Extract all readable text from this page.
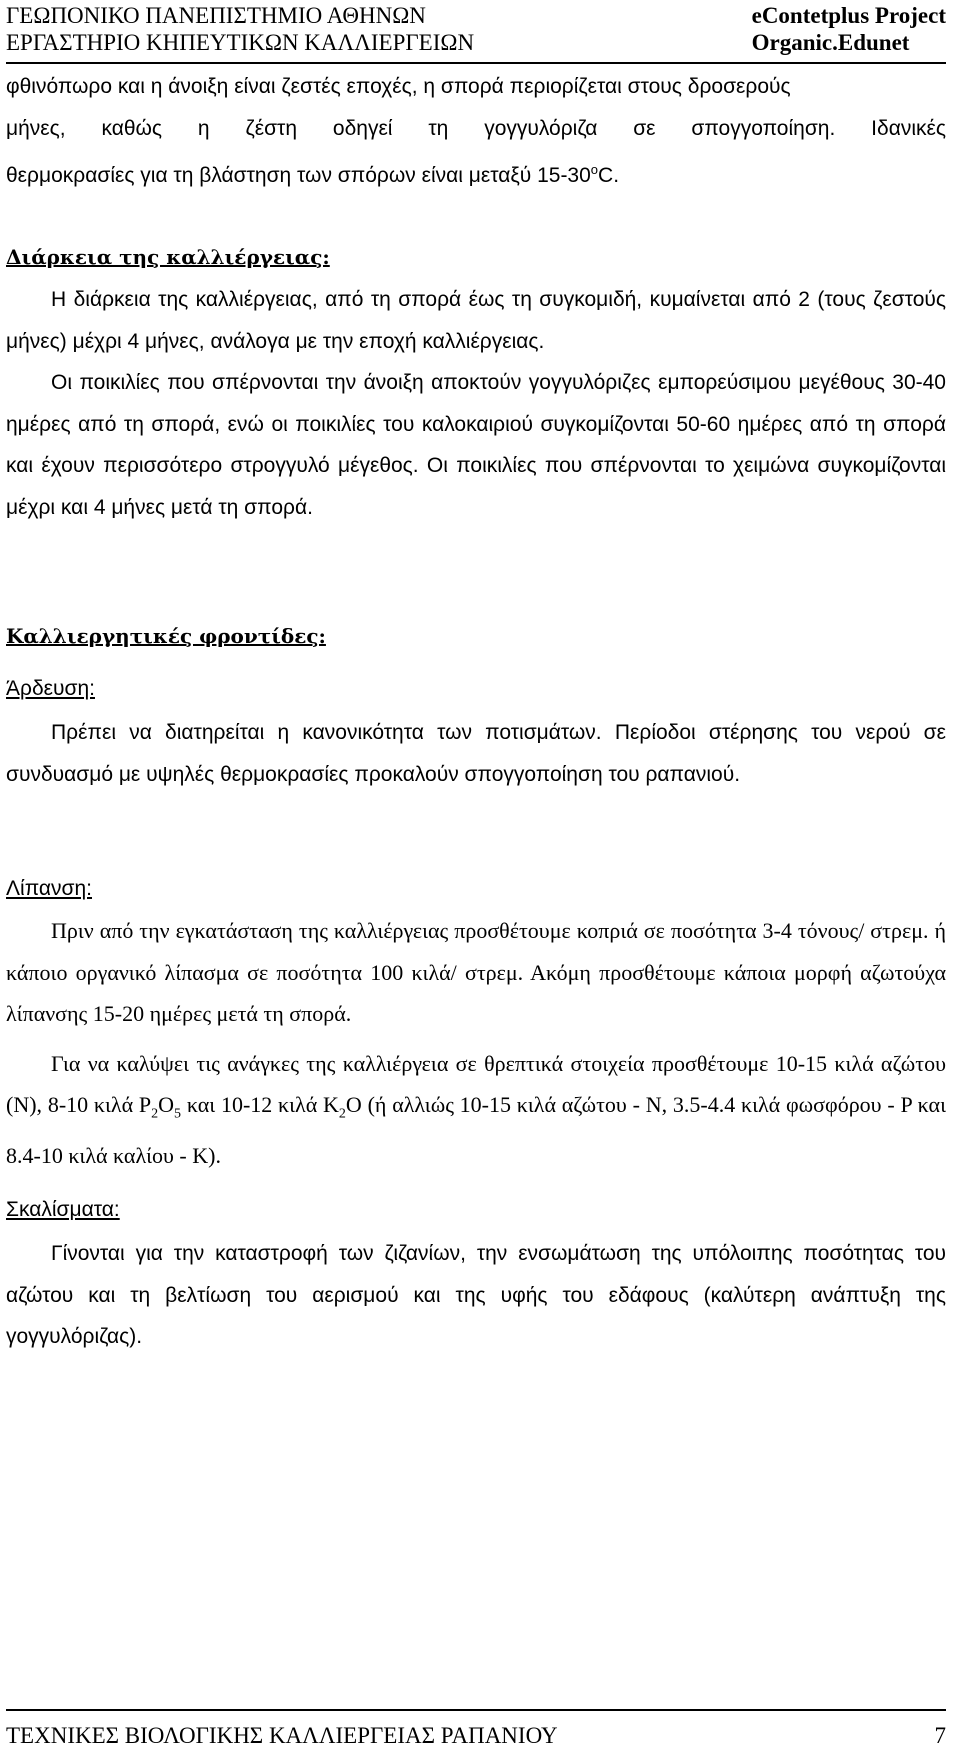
ΓΕΩΠΟΝΙΚΟ ΠΑΝΕΠΙΣΤΗΜΙΟ ΑΘΗΝΩΝ
ΕΡΓΑΣΤΗΡΙΟ ΚΗΠΕΥΤΙΚΩΝ ΚΑΛΛΙΕΡΓΕΙΩΝ
eContetplus Project
Organic.Edunet

φθινόπωρο και η άνοιξη είναι ζεστές εποχές, η σπορά περιορίζεται στους δροσερούς

μήνες, καθώς η ζέστη οδηγεί τη γογγυλόριζα σε σπογγοποίηση. Ιδανικές

θερμοκρασίες για τη βλάστηση των σπόρων είναι μεταξύ 15-30$^o$C.

Διάρκεια της καλλιέργειας:

Η διάρκεια της καλλιέργειας, από τη σπορά έως τη συγκομιδή, κυμαίνεται από 2 (τους ζεστούς μήνες) μέχρι 4 μήνες, ανάλογα με την εποχή καλλιέργειας.

Οι ποικιλίες που σπέρνονται την άνοιξη αποκτούν γογγυλόριζες εμπορεύσιμου μεγέθους 30-40 ημέρες από τη σπορά, ενώ οι ποικιλίες του καλοκαιριού συγκομίζονται 50-60 ημέρες από τη σπορά και έχουν περισσότερο στρογγυλό μέγεθος. Οι ποικιλίες που σπέρνονται το χειμώνα συγκομίζονται μέχρι και 4 μήνες μετά τη σπορά.

Καλλιεργητικές φροντίδες:

Άρδευση:

Πρέπει να διατηρείται η κανονικότητα των ποτισμάτων. Περίοδοι στέρησης του νερού σε συνδυασμό με υψηλές θερμοκρασίες προκαλούν σπογγοποίηση του ραπανιού.

Λίπανση:

Πριν από την εγκατάσταση της καλλιέργειας προσθέτουμε κοπριά σε ποσότητα 3-4 τόνους/ στρεμ. ή κάποιο οργανικό λίπασμα σε ποσότητα 100 κιλά/ στρεμ. Ακόμη προσθέτουμε κάποια μορφή αζωτούχα λίπανσης 15-20 ημέρες μετά τη σπορά.

Για να καλύψει τις ανάγκες της καλλιέργεια σε θρεπτικά στοιχεία προσθέτουμε 10-15 κιλά αζώτου (N), 8-10 κιλά $P_2O_5$ και 10-12 κιλά $K_2O$ (ή αλλιώς 10-15 κιλά αζώτου - N, 3.5-4.4 κιλά φωσφόρου - P και 8.4-10 κιλά καλίου - K).

Σκαλίσματα:

Γίνονται για την καταστροφή των ζιζανίων, την ενσωμάτωση της υπόλοιπης ποσότητας του αζώτου και τη βελτίωση του αερισμού και της υφής του εδάφους (καλύτερη ανάπτυξη της γογγυλόριζας).

ΤΕΧΝΙΚΕΣ ΒΙΟΛΟΓΙΚΗΣ ΚΑΛΛΙΕΡΓΕΙΑΣ ΡΑΠΑΝΙΟΥ	7
